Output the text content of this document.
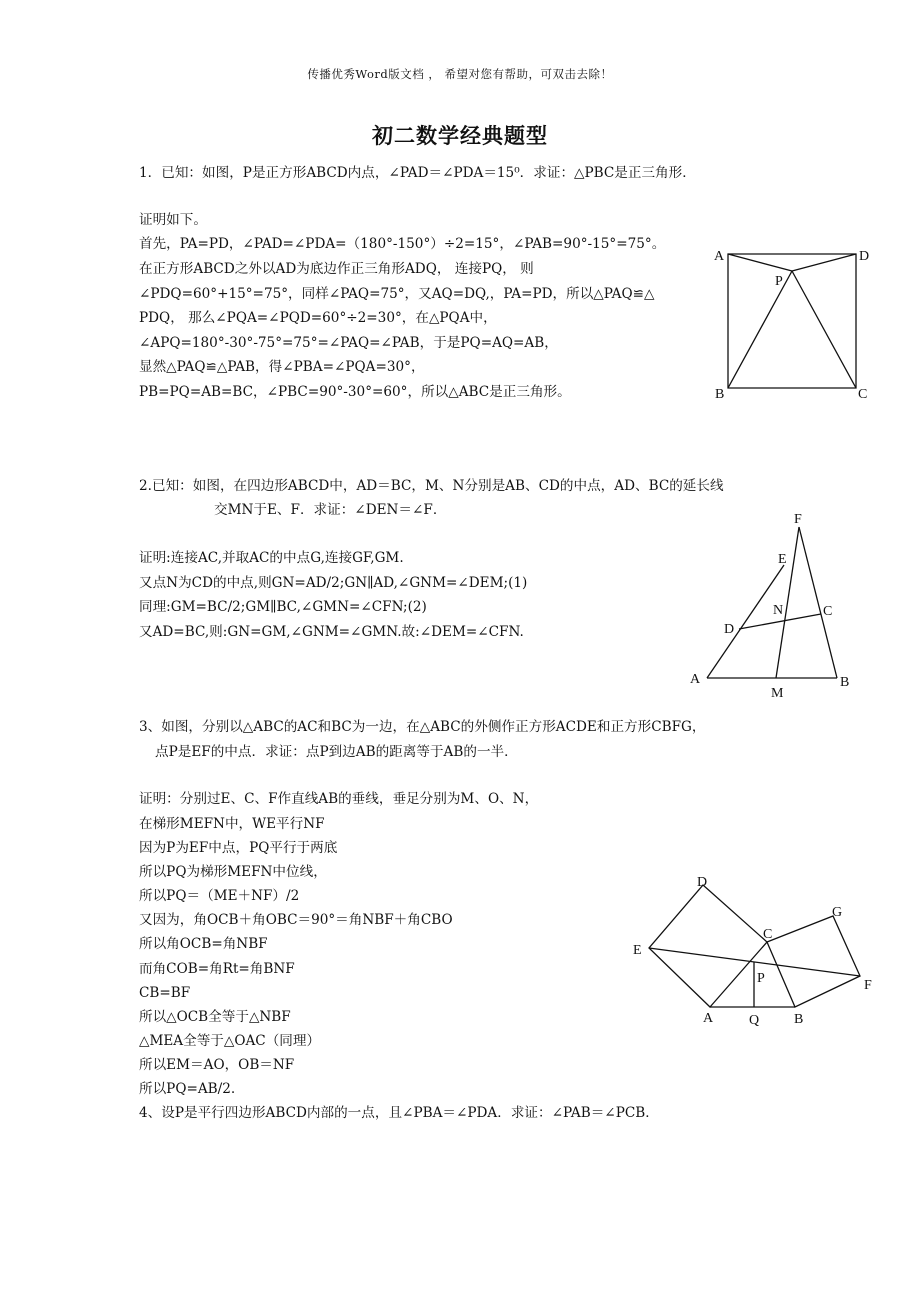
传播优秀Word版文档 ， 希望对您有帮助，可双击去除！
初二数学经典题型
1．已知：如图，P是正方形ABCD内点，∠PAD＝∠PDA＝15⁰．求证：△PBC是正三角形．
证明如下。
首先，PA=PD，∠PAD=∠PDA=（180°-150°）÷2=15°，∠PAB=90°-15°=75°。
在正方形ABCD之外以AD为底边作正三角形ADQ， 连接PQ， 则
∠PDQ=60°+15°=75°，同样∠PAQ=75°，又AQ=DQ,，PA=PD，所以△PAQ≌△
PDQ， 那么∠PQA=∠PQD=60°÷2=30°，在△PQA中，
∠APQ=180°-30°-75°=75°=∠PAQ=∠PAB，于是PQ=AQ=AB，
显然△PAQ≌△PAB，得∠PBA=∠PQA=30°，
PB=PQ=AB=BC，∠PBC=90°-30°=60°，所以△ABC是正三角形。
A	D
P
B	C
2.已知：如图，在四边形ABCD中，AD＝BC，M、N分别是AB、CD的中点，AD、BC的延长线
交MN于E、F．求证：∠DEN＝∠F．
证明:连接AC,并取AC的中点G,连接GF,GM.
又点N为CD的中点,则GN=AD/2;GN∥AD,∠GNM=∠DEM;(1)
同理:GM=BC/2;GM∥BC,∠GMN=∠CFN;(2)
又AD=BC,则:GN=GM,∠GNM=∠GMN.故:∠DEM=∠CFN.
F
E
N	C
D
A
M
B
3、如图，分别以△ABC的AC和BC为一边，在△ABC的外侧作正方形ACDE和正方形CBFG，
点P是EF的中点．求证：点P到边AB的距离等于AB的一半．
证明：分别过E、C、F作直线AB的垂线，垂足分别为M、O、N，
在梯形MEFN中，WE平行NF
因为P为EF中点，PQ平行于两底
所以PQ为梯形MEFN中位线，
所以PQ＝（ME＋NF）/2
又因为，角OCB＋角OBC＝90°＝角NBF＋角CBO
所以角OCB=角NBF
而角COB=角Rt=角BNF
CB=BF
所以△OCB全等于△NBF
△MEA全等于△OAC（同理）
所以EM＝AO，OB＝NF
所以PQ=AB/2.
D
G
C
E
P	F
A	Q B
4、设P是平行四边形ABCD内部的一点，且∠PBA＝∠PDA．求证：∠PAB＝∠PCB．
